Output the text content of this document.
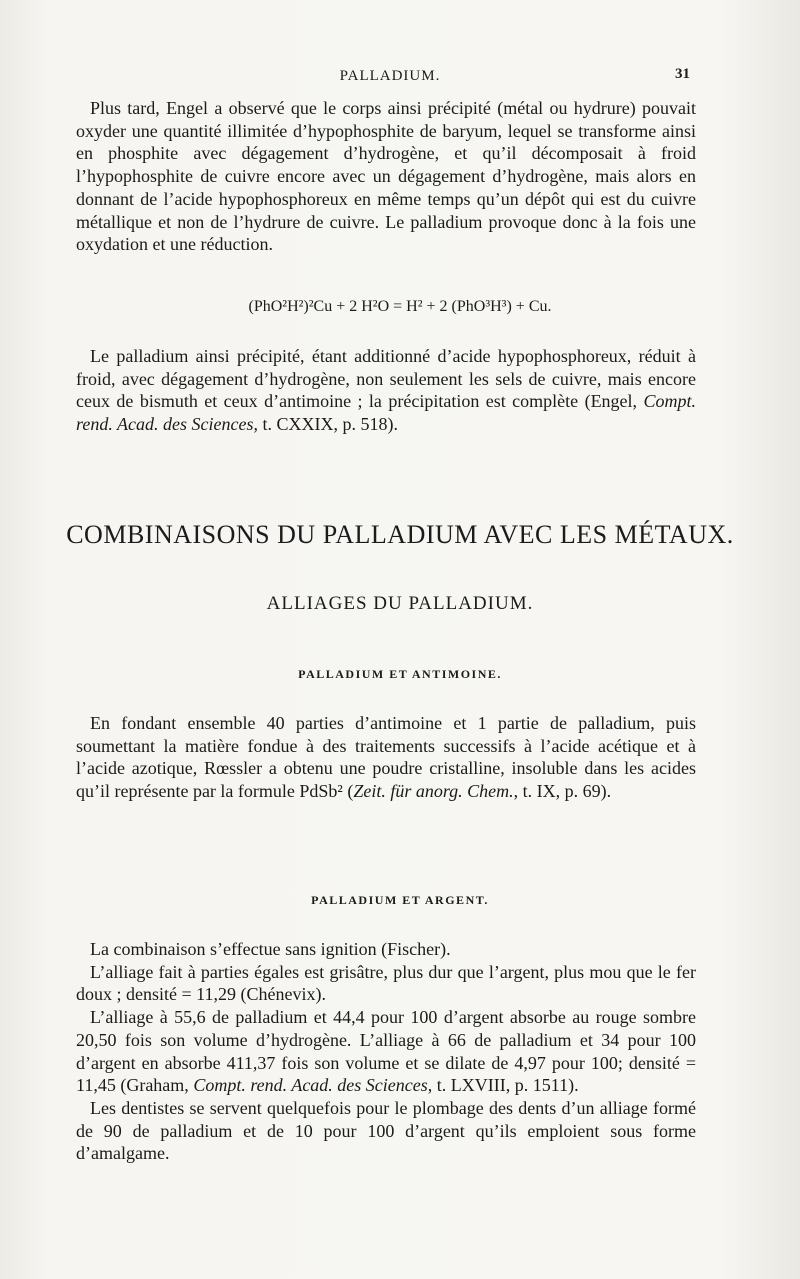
PALLADIUM.	31

Plus tard, Engel a observé que le corps ainsi précipité (métal ou hydrure) pouvait oxyder une quantité illimitée d’hypophosphite de baryum, lequel se transforme ainsi en phosphite avec dégagement d’hydrogène, et qu’il décomposait à froid l’hypophosphite de cuivre encore avec un dégagement d’hydrogène, mais alors en donnant de l’acide hypophosphoreux en même temps qu’un dépôt qui est du cuivre métallique et non de l’hydrure de cuivre. Le palladium provoque donc à la fois une oxydation et une réduction.

(PhO²H²)²Cu + 2 H²O = H² + 2 (PhO³H³) + Cu.

Le palladium ainsi précipité, étant additionné d’acide hypophosphoreux, réduit à froid, avec dégagement d’hydrogène, non seulement les sels de cuivre, mais encore ceux de bismuth et ceux d’antimoine ; la précipitation est complète (Engel, Compt. rend. Acad. des Sciences, t. CXXIX, p. 518).

COMBINAISONS DU PALLADIUM AVEC LES MÉTAUX.
ALLIAGES DU PALLADIUM.
PALLADIUM ET ANTIMOINE.

En fondant ensemble 40 parties d’antimoine et 1 partie de palladium, puis soumettant la matière fondue à des traitements successifs à l’acide acétique et à l’acide azotique, Rœssler a obtenu une poudre cristalline, insoluble dans les acides qu’il représente par la formule PdSb² (Zeit. für anorg. Chem., t. IX, p. 69).

PALLADIUM ET ARGENT.

La combinaison s’effectue sans ignition (Fischer).

L’alliage fait à parties égales est grisâtre, plus dur que l’argent, plus mou que le fer doux ; densité = 11,29 (Chénevix).

L’alliage à 55,6 de palladium et 44,4 pour 100 d’argent absorbe au rouge sombre 20,50 fois son volume d’hydrogène. L’alliage à 66 de palladium et 34 pour 100 d’argent en absorbe 411,37 fois son volume et se dilate de 4,97 pour 100; densité = 11,45 (Graham, Compt. rend. Acad. des Sciences, t. LXVIII, p. 1511).

Les dentistes se servent quelquefois pour le plombage des dents d’un alliage formé de 90 de palladium et de 10 pour 100 d’argent qu’ils emploient sous forme d’amalgame.
